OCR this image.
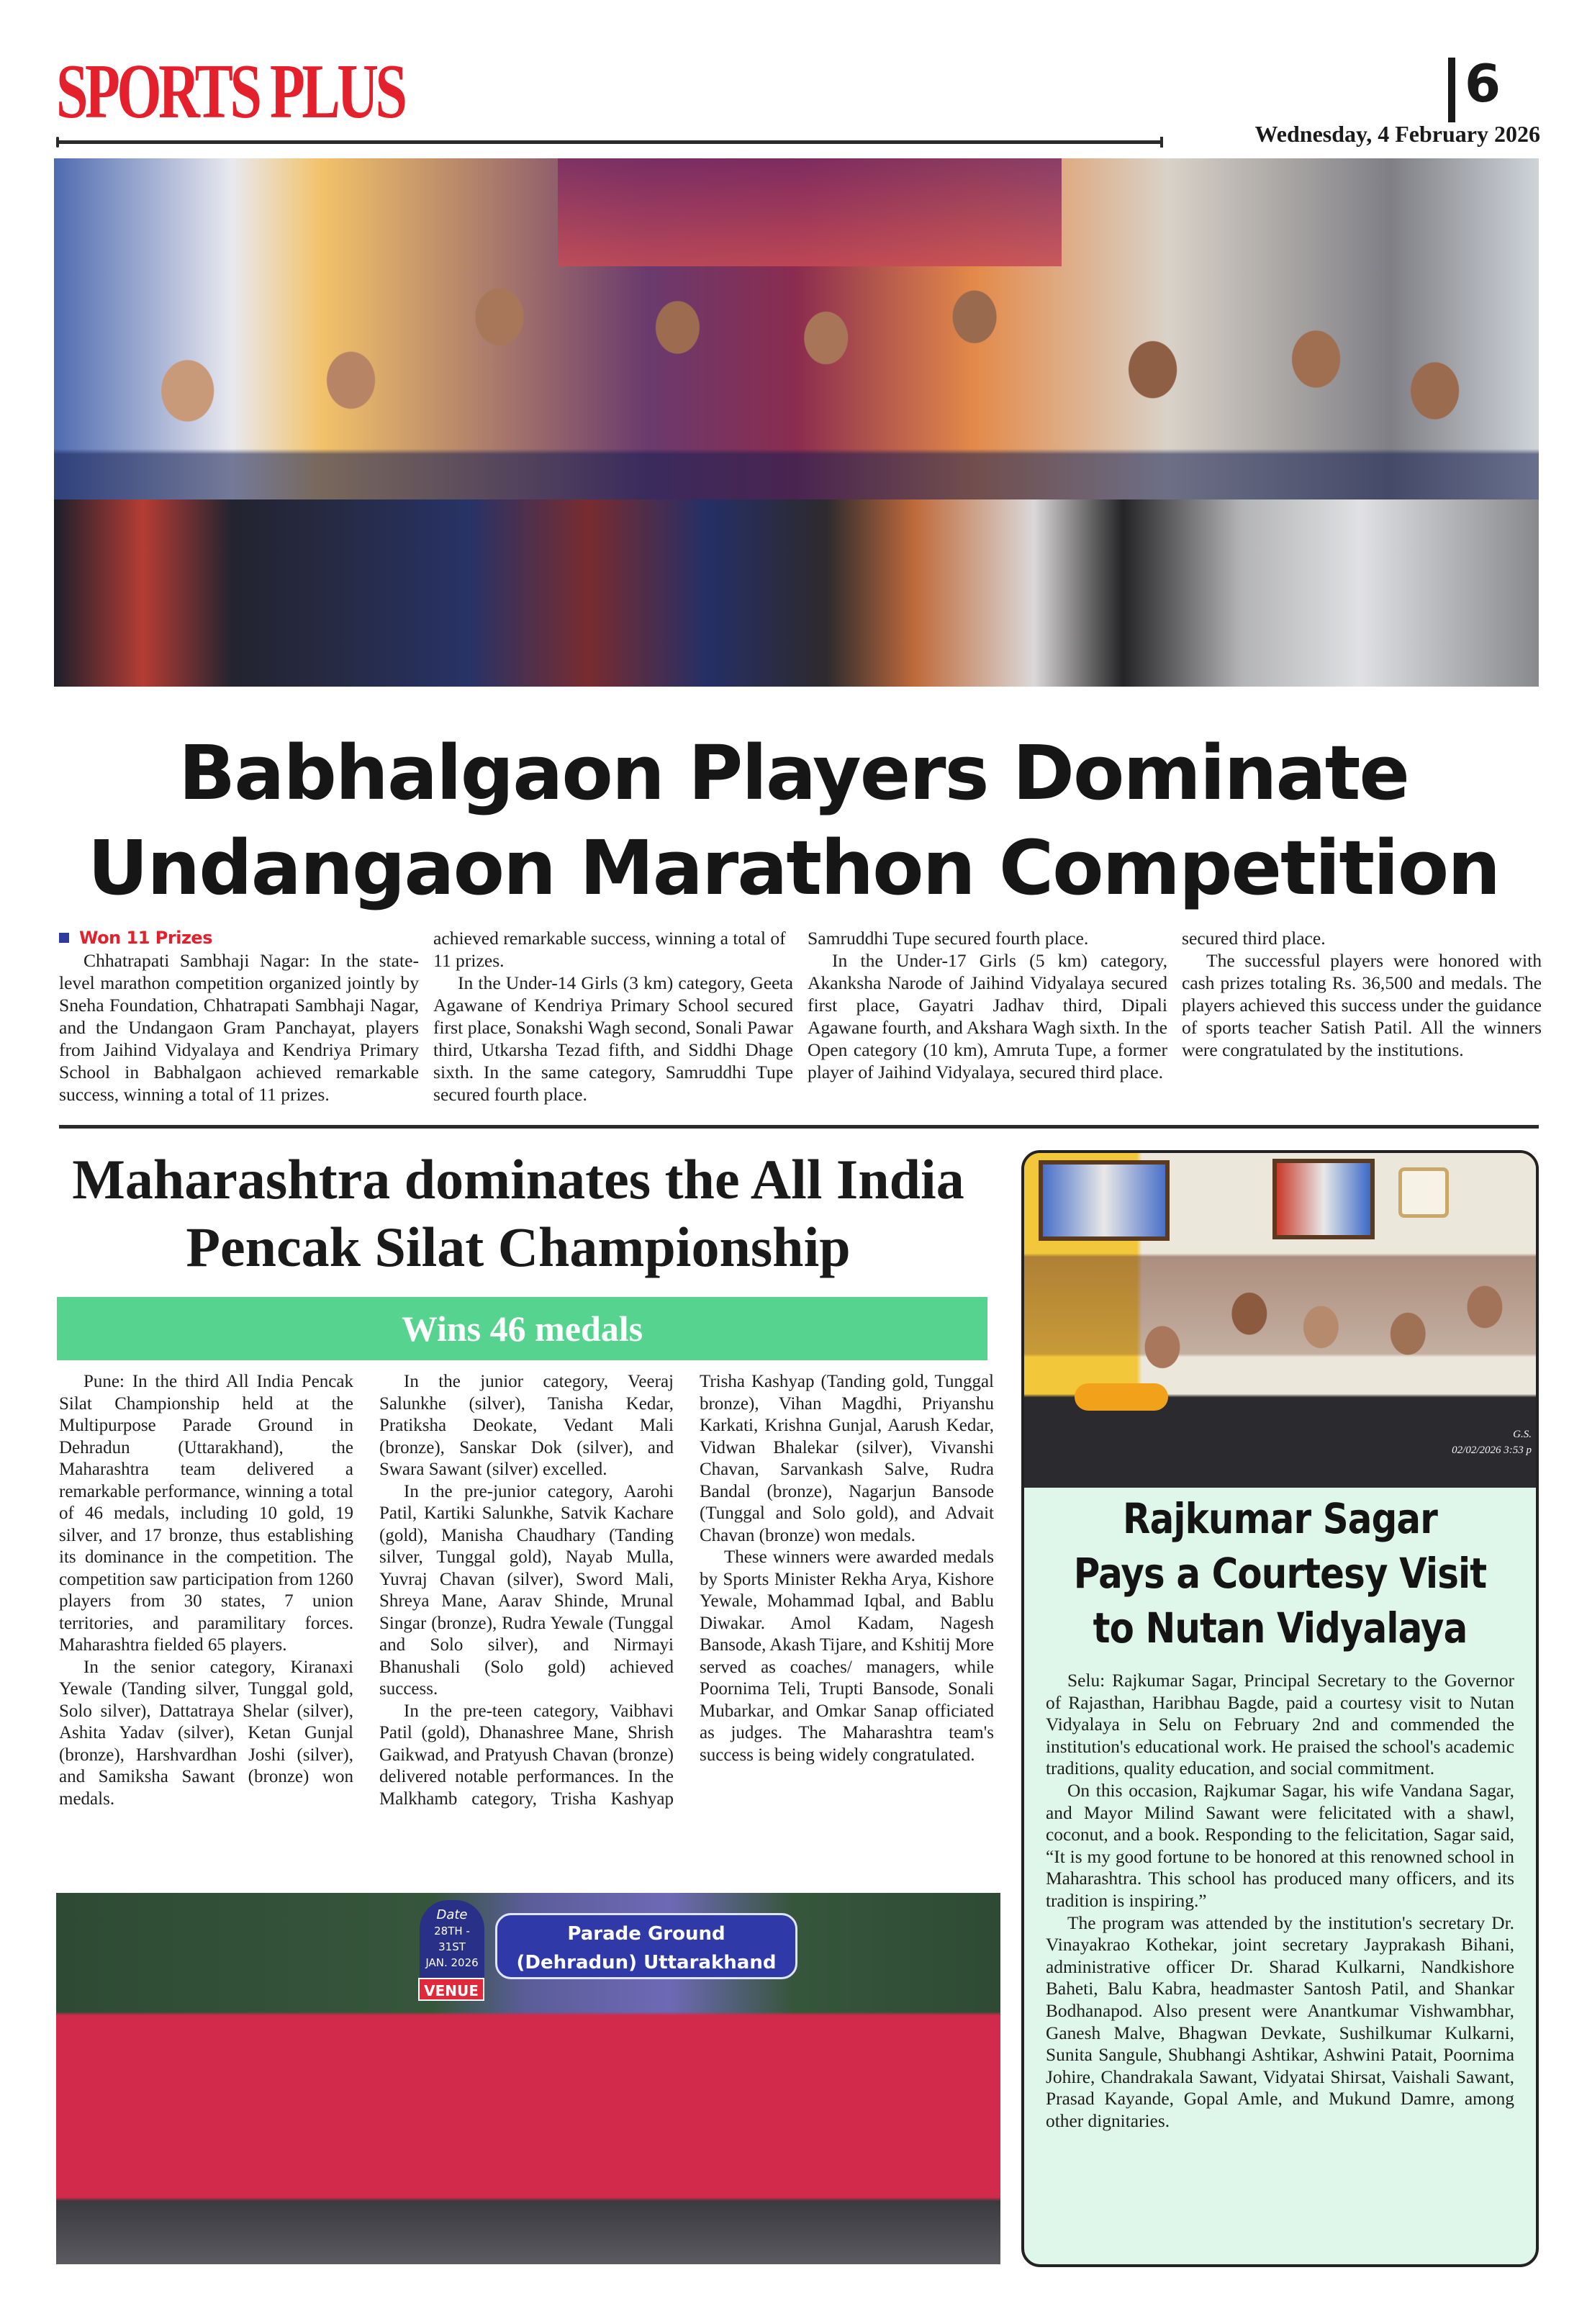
SPORTS PLUS	6
Wednesday, 4 February 2026
Babhalgaon Players Dominate
Undangaon Marathon Competition
Won 11 Prizes

Chhatrapati Sambhaji Nagar: In the state-level marathon competition organized jointly by Sneha Foundation, Chhatrapati Sambhaji Nagar, and the Undangaon Gram Panchayat, players from Jaihind Vidyalaya and Kendriya Primary School in Babhalgaon achieved remarkable success, winning a total of 11 prizes.

achieved remarkable success, winning a total of 11 prizes.

In the Under-14 Girls (3 km) category, Geeta Agawane of Kendriya Primary School secured first place, Sonakshi Wagh second, Sonali Pawar third, Utkarsha Tezad fifth, and Siddhi Dhage sixth. In the same category, Samruddhi Tupe secured fourth place.

Samruddhi Tupe secured fourth place.

In the Under-17 Girls (5 km) category, Akanksha Narode of Jaihind Vidyalaya secured first place, Gayatri Jadhav third, Dipali Agawane fourth, and Akshara Wagh sixth. In the Open category (10 km), Amruta Tupe, a former player of Jaihind Vidyalaya, secured third place.

secured third place.

The successful players were honored with cash prizes totaling Rs. 36,500 and medals. The players achieved this success under the guidance of sports teacher Satish Patil. All the winners were congratulated by the institutions.

Maharashtra dominates the All India Pencak Silat Championship
Wins 46 medals

Pune: In the third All India Pencak Silat Championship held at the Multipurpose Parade Ground in Dehradun (Uttarakhand), the Maharashtra team delivered a remarkable performance, winning a total of 46 medals, including 10 gold, 19 silver, and 17 bronze, thus establishing its dominance in the competition. The competition saw participation from 1260 players from 30 states, 7 union territories, and paramilitary forces. Maharashtra fielded 65 players.

In the senior category, Kiranaxi Yewale (Tanding silver, Tunggal gold, Solo silver), Dattatraya Shelar (silver), Ashita Yadav (silver), Ketan Gunjal (bronze), Harshvardhan Joshi (silver), and Samiksha Sawant (bronze) won medals.

In the junior category, Veeraj Salunkhe (silver), Tanisha Kedar, Pratiksha Deokate, Vedant Mali (bronze), Sanskar Dok (silver), and Swara Sawant (silver) excelled.

In the pre-junior category, Aarohi Patil, Kartiki Salunkhe, Satvik Kachare (gold), Manisha Chaudhary (Tanding silver, Tunggal gold), Nayab Mulla, Yuvraj Chavan (silver), Sword Mali, Shreya Mane, Aarav Shinde, Mrunal Singar (bronze), Rudra Yewale (Tunggal and Solo silver), and Nirmayi Bhanushali (Solo gold) achieved success.

In the pre-teen category, Vaibhavi Patil (gold), Dhanashree Mane, Shrish Gaikwad, and Pratyush Chavan (bronze) delivered notable performances. In the Malkhamb category, Trisha Kashyap

Trisha Kashyap (Tanding gold, Tunggal bronze), Vihan Magdhi, Priyanshu Karkati, Krishna Gunjal, Aarush Kedar, Vidwan Bhalekar (silver), Vivanshi Chavan, Sarvankash Salve, Rudra Bandal (bronze), Nagarjun Bansode (Tunggal and Solo gold), and Advait Chavan (bronze) won medals.

These winners were awarded medals by Sports Minister Rekha Arya, Kishore Yewale, Mohammad Iqbal, and Bablu Diwakar. Amol Kadam, Nagesh Bansode, Akash Tijare, and Kshitij More served as coaches/ managers, while Poornima Teli, Trupti Bansode, Sonali Mubarkar, and Omkar Sanap officiated as judges. The Maharashtra team's success is being widely congratulated.

Date
28TH - 31ST
JAN. 2026
VENUE
Parade Ground
(Dehradun) Uttarakhand
G.S.
02/02/2026 3:53 p
Rajkumar Sagar Pays a Courtesy Visit to Nutan Vidyalaya

Selu: Rajkumar Sagar, Principal Secretary to the Governor of Rajasthan, Haribhau Bagde, paid a courtesy visit to Nutan Vidyalaya in Selu on February 2nd and commended the institution's educational work. He praised the school's academic traditions, quality education, and social commitment.

On this occasion, Rajkumar Sagar, his wife Vandana Sagar, and Mayor Milind Sawant were felicitated with a shawl, coconut, and a book. Responding to the felicitation, Sagar said, “It is my good fortune to be honored at this renowned school in Maharashtra. This school has produced many officers, and its tradition is inspiring.”

The program was attended by the institution's secretary Dr. Vinayakrao Kothekar, joint secretary Jayprakash Bihani, administrative officer Dr. Sharad Kulkarni, Nandkishore Baheti, Balu Kabra, headmaster Santosh Patil, and Shankar Bodhanapod. Also present were Anantkumar Vishwambhar, Ganesh Malve, Bhagwan Devkate, Sushilkumar Kulkarni, Sunita Sangule, Shubhangi Ashtikar, Ashwini Patait, Poornima Johire, Chandrakala Sawant, Vidyatai Shirsat, Vaishali Sawant, Prasad Kayande, Gopal Amle, and Mukund Damre, among other dignitaries.
